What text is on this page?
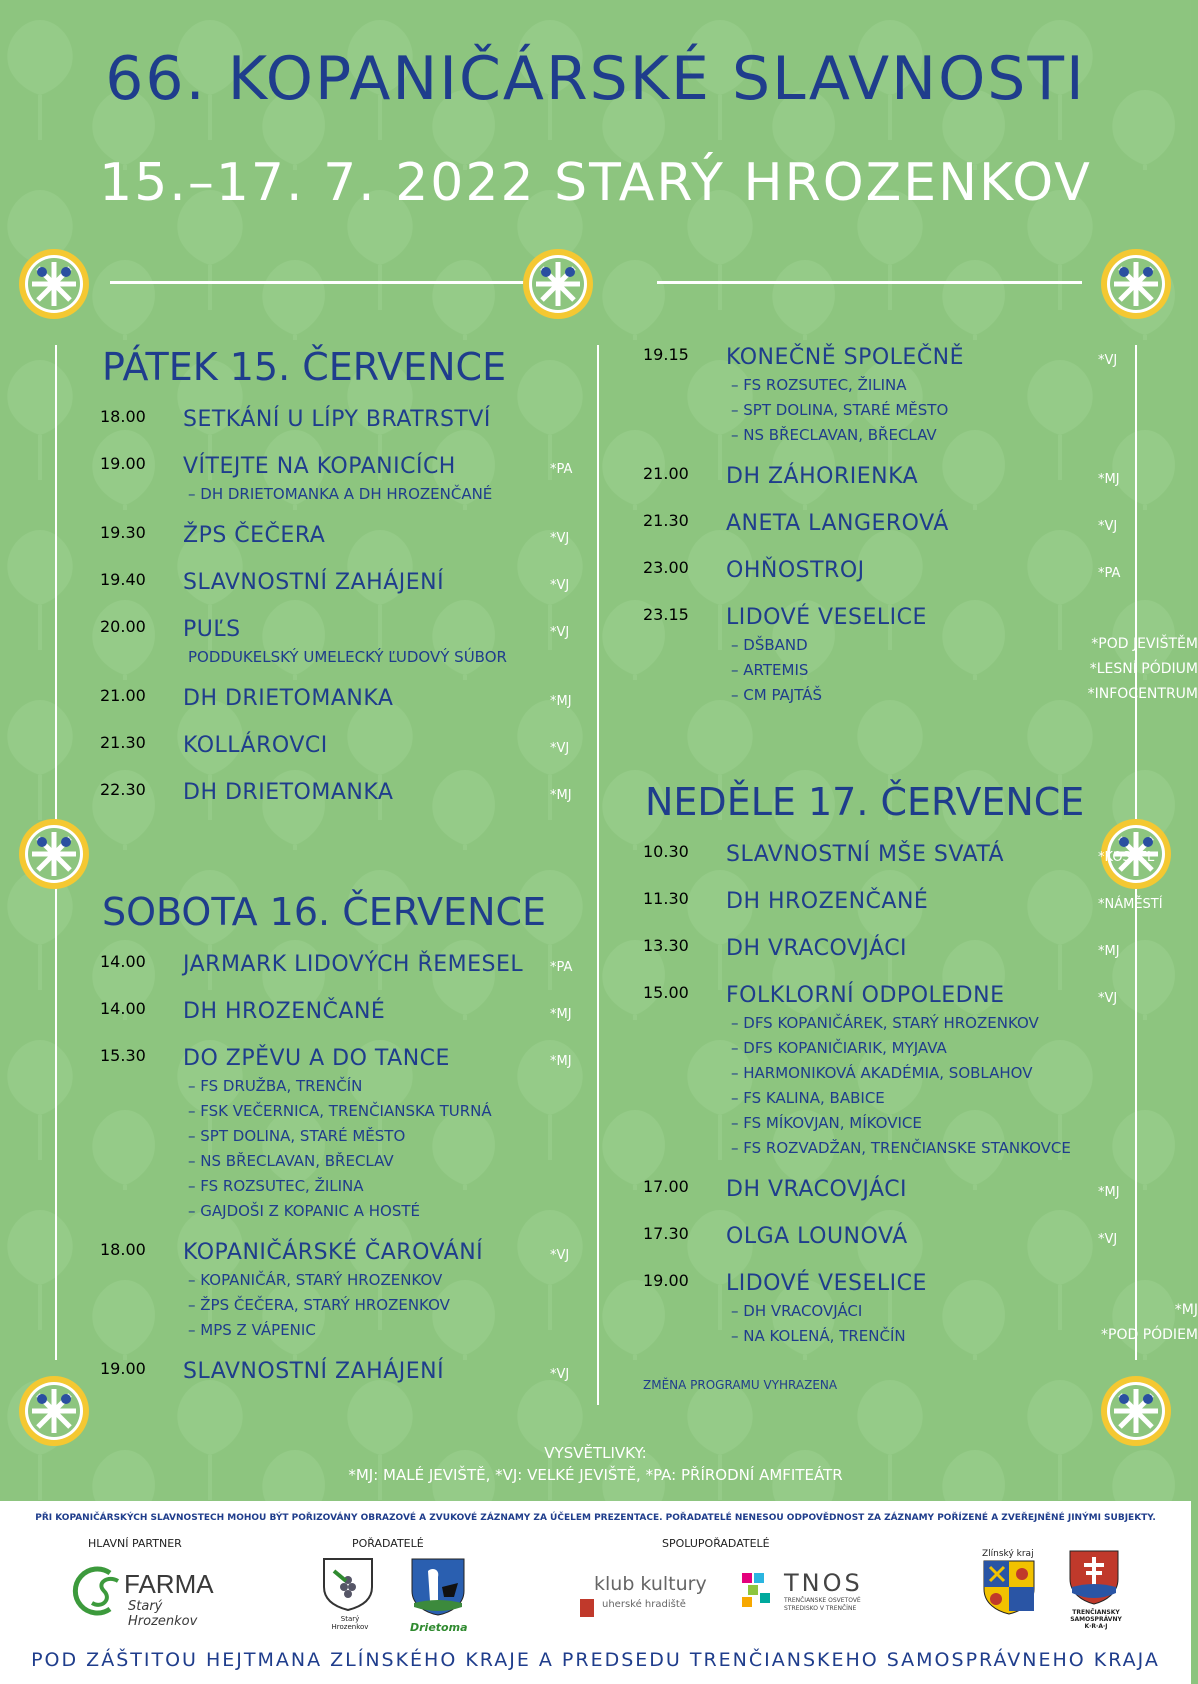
66. KOPANIČÁRSKÉ SLAVNOSTI
15.–17. 7. 2022 STARÝ HROZENKOV
PÁTEK 15. ČERVENCE
18.00 SETKÁNÍ U LÍPY BRATRSTVÍ
19.00 VÍTEJTE NA KOPANICÍCH	*PA
– DH DRIETOMANKA A DH HROZENČANÉ
19.30 ŽPS ČEČERA	*VJ
19.40 SLAVNOSTNÍ ZAHÁJENÍ	*VJ
20.00 PUĽS	*VJ
PODDUKELSKÝ UMELECKÝ ĽUDOVÝ SÚBOR
21.00 DH DRIETOMANKA	*MJ
21.30 KOLLÁROVCI	*VJ
22.30 DH DRIETOMANKA	*MJ
SOBOTA 16. ČERVENCE
14.00 JARMARK LIDOVÝCH ŘEMESEL *PA
14.00 DH HROZENČANÉ	*MJ
15.30 DO ZPĚVU A DO TANCE	*MJ
– FS DRUŽBA, TRENČÍN
– FSK VEČERNICA, TRENČIANSKA TURNÁ
– SPT DOLINA, STARÉ MĚSTO
– NS BŘECLAVAN, BŘECLAV
– FS ROZSUTEC, ŽILINA
– GAJDOŠI Z KOPANIC A HOSTÉ
18.00 KOPANIČÁRSKÉ ČAROVÁNÍ	*VJ
– KOPANIČÁR, STARÝ HROZENKOV
– ŽPS ČEČERA, STARÝ HROZENKOV
– MPS Z VÁPENIC
19.00 SLAVNOSTNÍ ZAHÁJENÍ	*VJ
19.15 KONEČNĚ SPOLEČNĚ	*VJ
– FS ROZSUTEC, ŽILINA
– SPT DOLINA, STARÉ MĚSTO
– NS BŘECLAVAN, BŘECLAV
21.00 DH ZÁHORIENKA	*MJ
21.30 ANETA LANGEROVÁ	*VJ
23.00 OHŇOSTROJ	*PA
23.15 LIDOVÉ VESELICE
– DŠBAND	*POD JEVIŠTĚM
– ARTEMIS	*LESNÍ PÓDIUM
– CM PAJTÁŠ	*INFOCENTRUM
NEDĚLE 17. ČERVENCE
10.30 SLAVNOSTNÍ MŠE SVATÁ	*KOSTEL
11.30 DH HROZENČANÉ	*NÁMĚSTÍ
13.30 DH VRACOVJÁCI	*MJ
15.00 FOLKLORNÍ ODPOLEDNE	*VJ
– DFS KOPANIČÁREK, STARÝ HROZENKOV
– DFS KOPANIČIARIK, MYJAVA
– HARMONIKOVÁ AKADÉMIA, SOBLAHOV
– FS KALINA, BABICE
– FS MÍKOVJAN, MÍKOVICE
– FS ROZVADŽAN, TRENČIANSKE STANKOVCE
17.00 DH VRACOVJÁCI	*MJ
17.30 OLGA LOUNOVÁ	*VJ
19.00 LIDOVÉ VESELICE
– DH VRACOVJÁCI	*MJ
– NA KOLENÁ, TRENČÍN	*POD PÓDIEM
ZMĚNA PROGRAMU VYHRAZENA
VYSVĚTLIVKY:
*MJ: MALÉ JEVIŠTĚ, *VJ: VELKÉ JEVIŠTĚ, *PA: PŘÍRODNÍ AMFITEÁTR
PŘI KOPANIČÁRSKÝCH SLAVNOSTECH MOHOU BÝT POŘIZOVÁNY OBRAZOVÉ A ZVUKOVÉ ZÁZNAMY ZA ÚČELEM PREZENTACE. POŘADATELÉ NENESOU ODPOVĚDNOST ZA ZÁZNAMY POŘÍZENÉ A ZVEŘEJNĚNÉ JINÝMI SUBJEKTY.
HLAVNÍ PARTNER	POŘADATELÉ	SPOLUPOŘADATELÉ
FARMA
Starý Hrozenkov	Starý Hrozenkov	Drietoma
klub kultury
uherské hradiště
TNOS
TRENČIANSKE OSVETOVÉ STREDISKO V TRENČÍNE
Zlínský kraj
TRENČIANSKY SAMOSPRÁVNY K·R·A·J
POD ZÁŠTITOU HEJTMANA ZLÍNSKÉHO KRAJE A PREDSEDU TRENČIANSKEHO SAMOSPRÁVNEHO KRAJA
